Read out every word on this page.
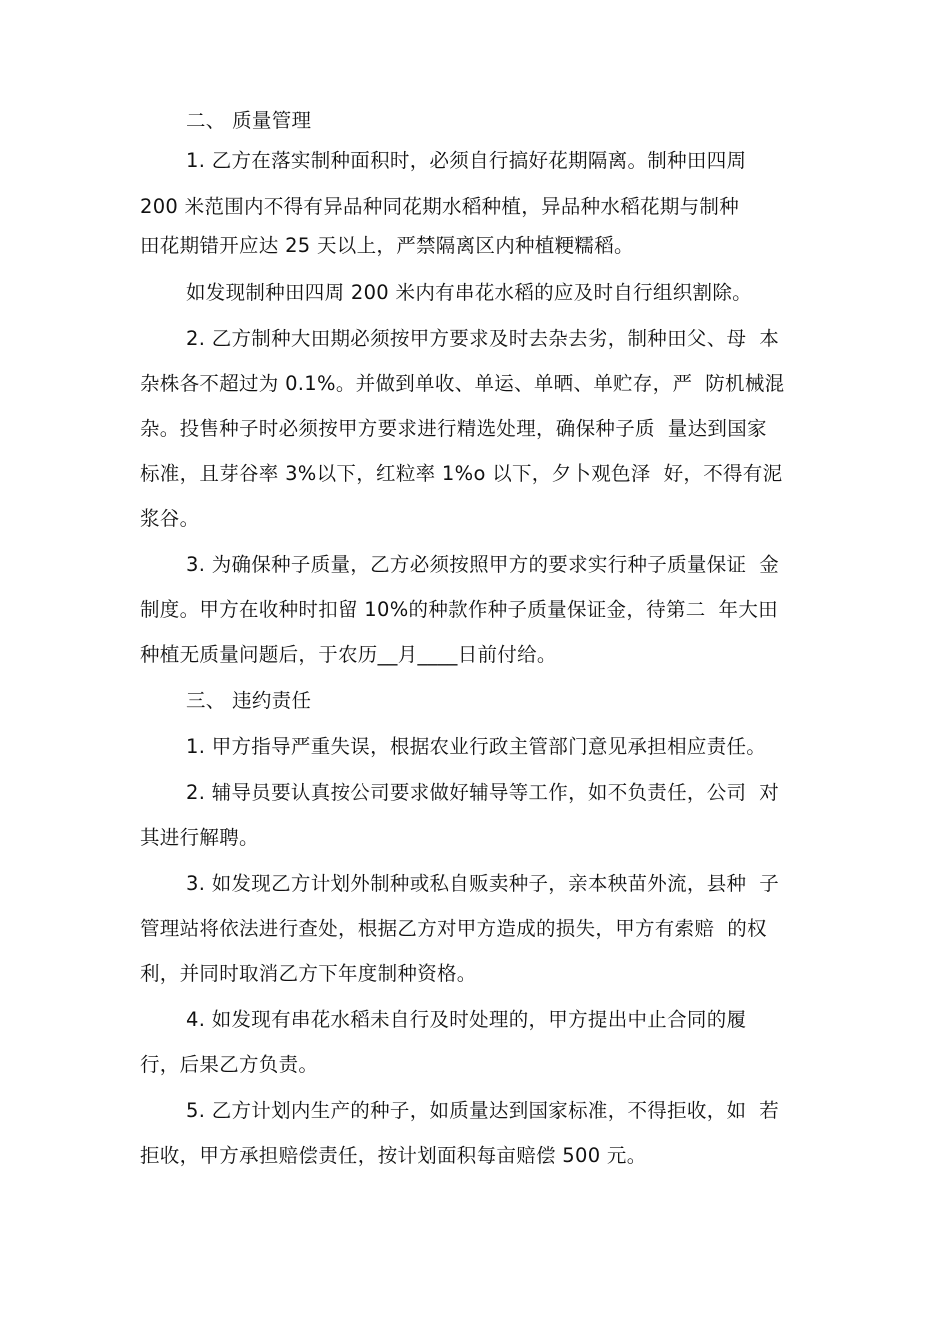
二、 质量管理
1. 乙方在落实制种面积时，必须自行搞好花期隔离。制种田四周
200 米范围内不得有异品种同花期水稻种植，异品种水稻花期与制种
田花期错开应达 25 天以上，严禁隔离区内种植粳糯稻。
如发现制种田四周 200 米内有串花水稻的应及时自行组织割除。
2. 乙方制种大田期必须按甲方要求及时去杂去劣，制种田父、母  本
杂株各不超过为 0.1%。并做到单收、单运、单晒、单贮存，严  防机械混
杂。投售种子时必须按甲方要求进行精选处理，确保种子质  量达到国家
标准，且芽谷率 3%以下，红粒率 1%o 以下，夕卜观色泽  好，不得有泥
浆谷。
3. 为确保种子质量，乙方必须按照甲方的要求实行种子质量保证  金
制度。甲方在收种时扣留 10%的种款作种子质量保证金，待第二  年大田
种植无质量问题后，于农历__月____日前付给。
三、 违约责任
1. 甲方指导严重失误，根据农业行政主管部门意见承担相应责任。
2. 辅导员要认真按公司要求做好辅导等工作，如不负责任，公司  对
其进行解聘。
3. 如发现乙方计划外制种或私自贩卖种子，亲本秧苗外流，县种  子
管理站将依法进行查处，根据乙方对甲方造成的损失，甲方有索赔  的权
利，并同时取消乙方下年度制种资格。
4. 如发现有串花水稻未自行及时处理的，甲方提出中止合同的履
行，后果乙方负责。
5. 乙方计划内生产的种子，如质量达到国家标准，不得拒收，如  若
拒收，甲方承担赔偿责任，按计划面积每亩赔偿 500 元。
